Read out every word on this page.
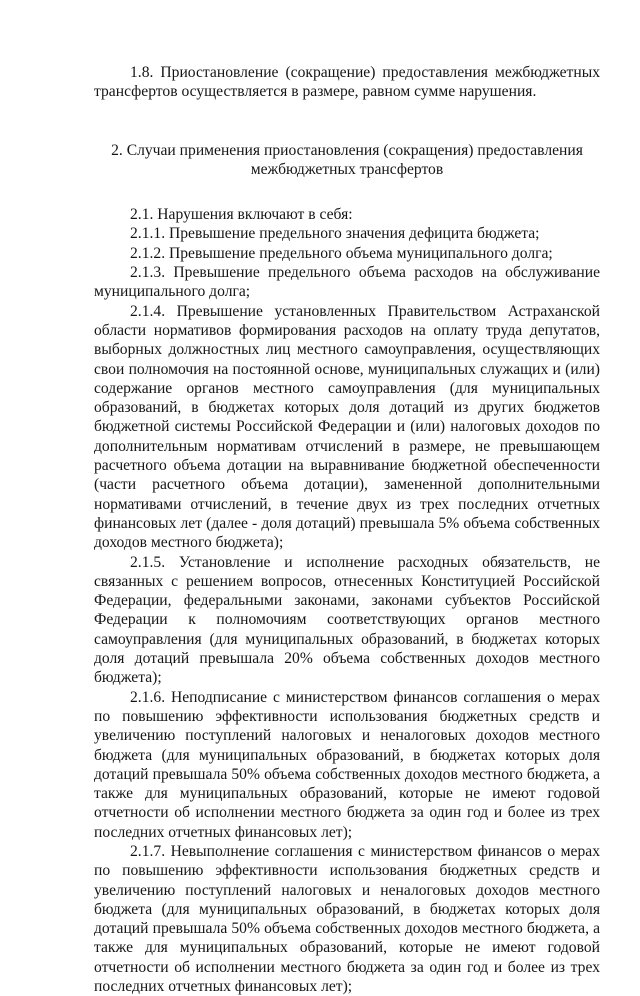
1.8. Приостановление (сокращение) предоставления межбюджетных трансфертов осуществляется в размере, равном сумме нарушения.

2. Случаи применения приостановления (сокращения) предоставления межбюджетных трансфертов

2.1. Нарушения включают в себя:

2.1.1. Превышение предельного значения дефицита бюджета;

2.1.2. Превышение предельного объема муниципального долга;

2.1.3. Превышение предельного объема расходов на обслуживание муниципального долга;

2.1.4. Превышение установленных Правительством Астраханской области нормативов формирования расходов на оплату труда депутатов, выборных должностных лиц местного самоуправления, осуществляющих свои полномочия на постоянной основе, муниципальных служащих и (или) содержание органов местного самоуправления (для муниципальных образований, в бюджетах которых доля дотаций из других бюджетов бюджетной системы Российской Федерации и (или) налоговых доходов по дополнительным нормативам отчислений в размере, не превышающем расчетного объема дотации на выравнивание бюджетной обеспеченности (части расчетного объема дотации), замененной дополнительными нормативами отчислений, в течение двух из трех последних отчетных финансовых лет (далее - доля дотаций) превышала 5% объема собственных доходов местного бюджета);

2.1.5. Установление и исполнение расходных обязательств, не связанных с решением вопросов, отнесенных Конституцией Российской Федерации, федеральными законами, законами субъектов Российской Федерации к полномочиям соответствующих органов местного самоуправления (для муниципальных образований, в бюджетах которых доля дотаций превышала 20% объема собственных доходов местного бюджета);

2.1.6. Неподписание с министерством финансов соглашения о мерах по повышению эффективности использования бюджетных средств и увеличению поступлений налоговых и неналоговых доходов местного бюджета (для муниципальных образований, в бюджетах которых доля дотаций превышала 50% объема собственных доходов местного бюджета, а также для муниципальных образований, которые не имеют годовой отчетности об исполнении местного бюджета за один год и более из трех последних отчетных финансовых лет);

2.1.7. Невыполнение соглашения с министерством финансов о мерах по повышению эффективности использования бюджетных средств и увеличению поступлений налоговых и неналоговых доходов местного бюджета (для муниципальных образований, в бюджетах которых доля дотаций превышала 50% объема собственных доходов местного бюджета, а также для муниципальных образований, которые не имеют годовой отчетности об исполнении местного бюджета за один год и более из трех последних отчетных финансовых лет);
